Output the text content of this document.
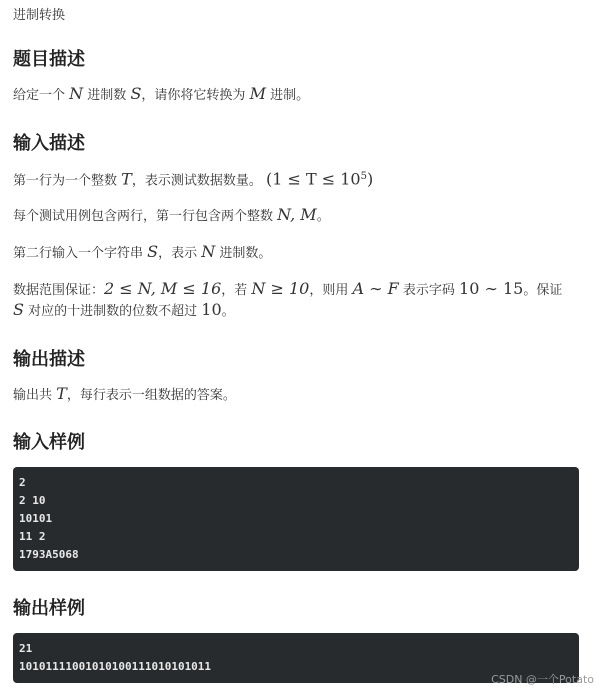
进制转换
题目描述
给定一个 N 进制数 S，请你将它转换为 M 进制。
输入描述
第一行为一个整数 T，表示测试数据数量。 $(1 \le T \le 10^5)$
每个测试用例包含两行，第一行包含两个整数 N, M。
第二行输入一个字符串 S，表示 N 进制数。
数据范围保证：2 ≤ N, M ≤ 16，若 N ≥ 10，则用 A ∼ F 表示字码 10 ∼ 15。保证
S 对应的十进制数的位数不超过 10。
输出描述
输出共 T，每行表示一组数据的答案。
输入样例
2
2 10
10101
11 2
1793A5068
输出样例
21
10101111001010100111010101011
CSDN @一个Potato
